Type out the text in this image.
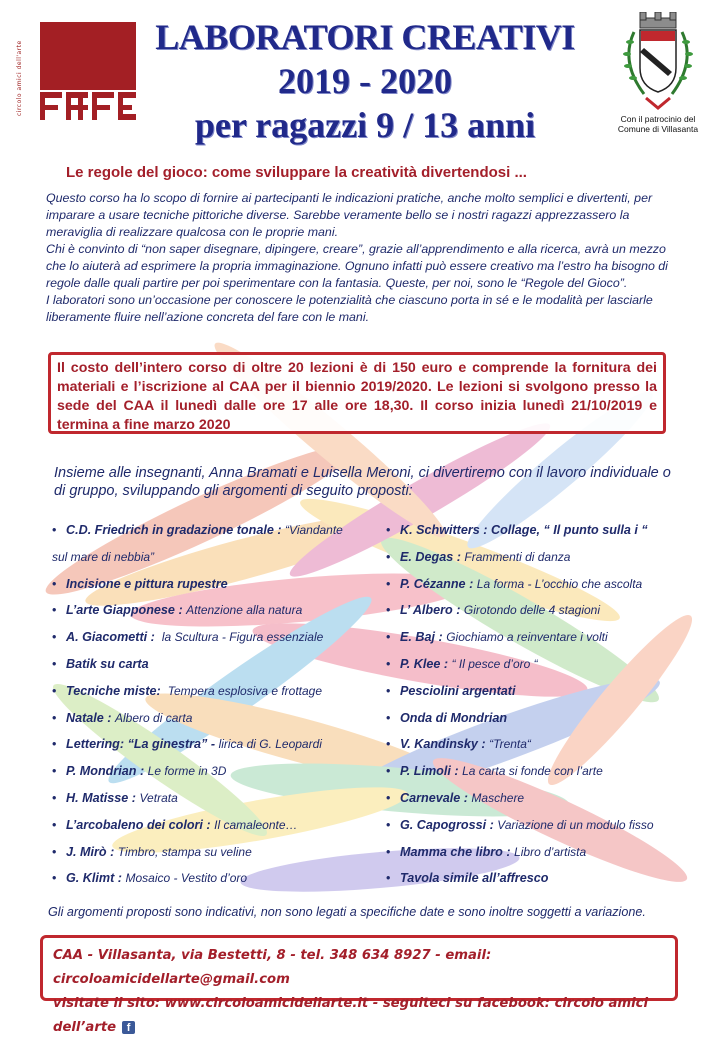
circolo amici dell'arte
LABORATORI CREATIVI
2019 - 2020
per ragazzi 9 / 13 anni	Con il patrocinio del
Comune di Villasanta
Le regole del gioco: come sviluppare la creatività divertendosi ...

Questo corso ha lo scopo di fornire ai partecipanti le indicazioni pratiche, anche molto semplici e divertenti, per imparare a usare tecniche pittoriche diverse. Sarebbe veramente bello se i nostri ragazzi apprezzassero la meraviglia di realizzare qualcosa con le proprie mani.

Chi è convinto di “non saper disegnare, dipingere, creare”, grazie all’apprendimento e alla ricerca, avrà un mezzo che lo aiuterà ad esprimere la propria immaginazione. Ognuno infatti può essere creativo ma l’estro ha bisogno di regole dalle quali partire per poi sperimentare con la fantasia. Queste, per noi, sono le “Regole del Gioco”.

I laboratori sono un’occasione per conoscere le potenzialità che ciascuno porta in sé e le modalità per lasciarle liberamente fluire nell’azione concreta del fare con le mani.

Il costo dell’intero corso di oltre 20 lezioni è di 150 euro e comprende la fornitura dei materiali e l’iscrizione al CAA per il biennio 2019/2020. Le lezioni si svolgono presso la sede del CAA il lunedì dalle ore 17 alle ore 18,30. Il corso inizia lunedì 21/10/2019 e termina a fine marzo 2020

Insieme alle insegnanti, Anna Bramati e Luisella Meroni, ci divertiremo con il lavoro individuale o di gruppo, sviluppando gli argomenti di seguito proposti:
• C.D. Friedrich in gradazione tonale : “Viandante
sul mare di nebbia”
• Incisione e pittura rupestre
• L’arte Giapponese : Attenzione alla natura
• A. Giacometti :  la Scultura - Figura essenziale
• Batik su carta
• Tecniche miste: Tempera esplosiva e frottage
• Natale : Albero di carta
• Lettering: “La ginestra” - lirica di G. Leopardi
• P. Mondrian : Le forme in 3D
• H. Matisse : Vetrata
• L’arcobaleno dei colori : Il camaleonte…
• J. Mirò : Timbro, stampa su veline
• G. Klimt : Mosaico - Vestito d’oro
• K. Schwitters : Collage, “ Il punto sulla i “
• E. Degas : Frammenti di danza
• P. Cézanne : La forma - L’occhio che ascolta
• L’ Albero : Girotondo delle 4 stagioni
• E. Baj : Giochiamo a reinventare i volti
• P. Klee : “ Il pesce d’oro “
• Pesciolini argentati
• Onda di Mondrian
• V. Kandinsky : “Trenta“
• P. Limoli : La carta si fonde con l’arte
• Carnevale : Maschere
• G. Capogrossi : Variazione di un modulo fisso
• Mamma che libro : Libro d’artista
• Tavola simile all’affresco
Gli argomenti proposti sono indicativi, non sono legati a specifiche date e sono inoltre soggetti a variazione.
CAA - Villasanta, via Bestetti, 8 - tel. 348 634 8927 - email: circoloamicidellarte@gmail.com
visitate il sito: www.circoloamicidellarte.it - seguiteci su facebook: circolo amici dell’arte f
